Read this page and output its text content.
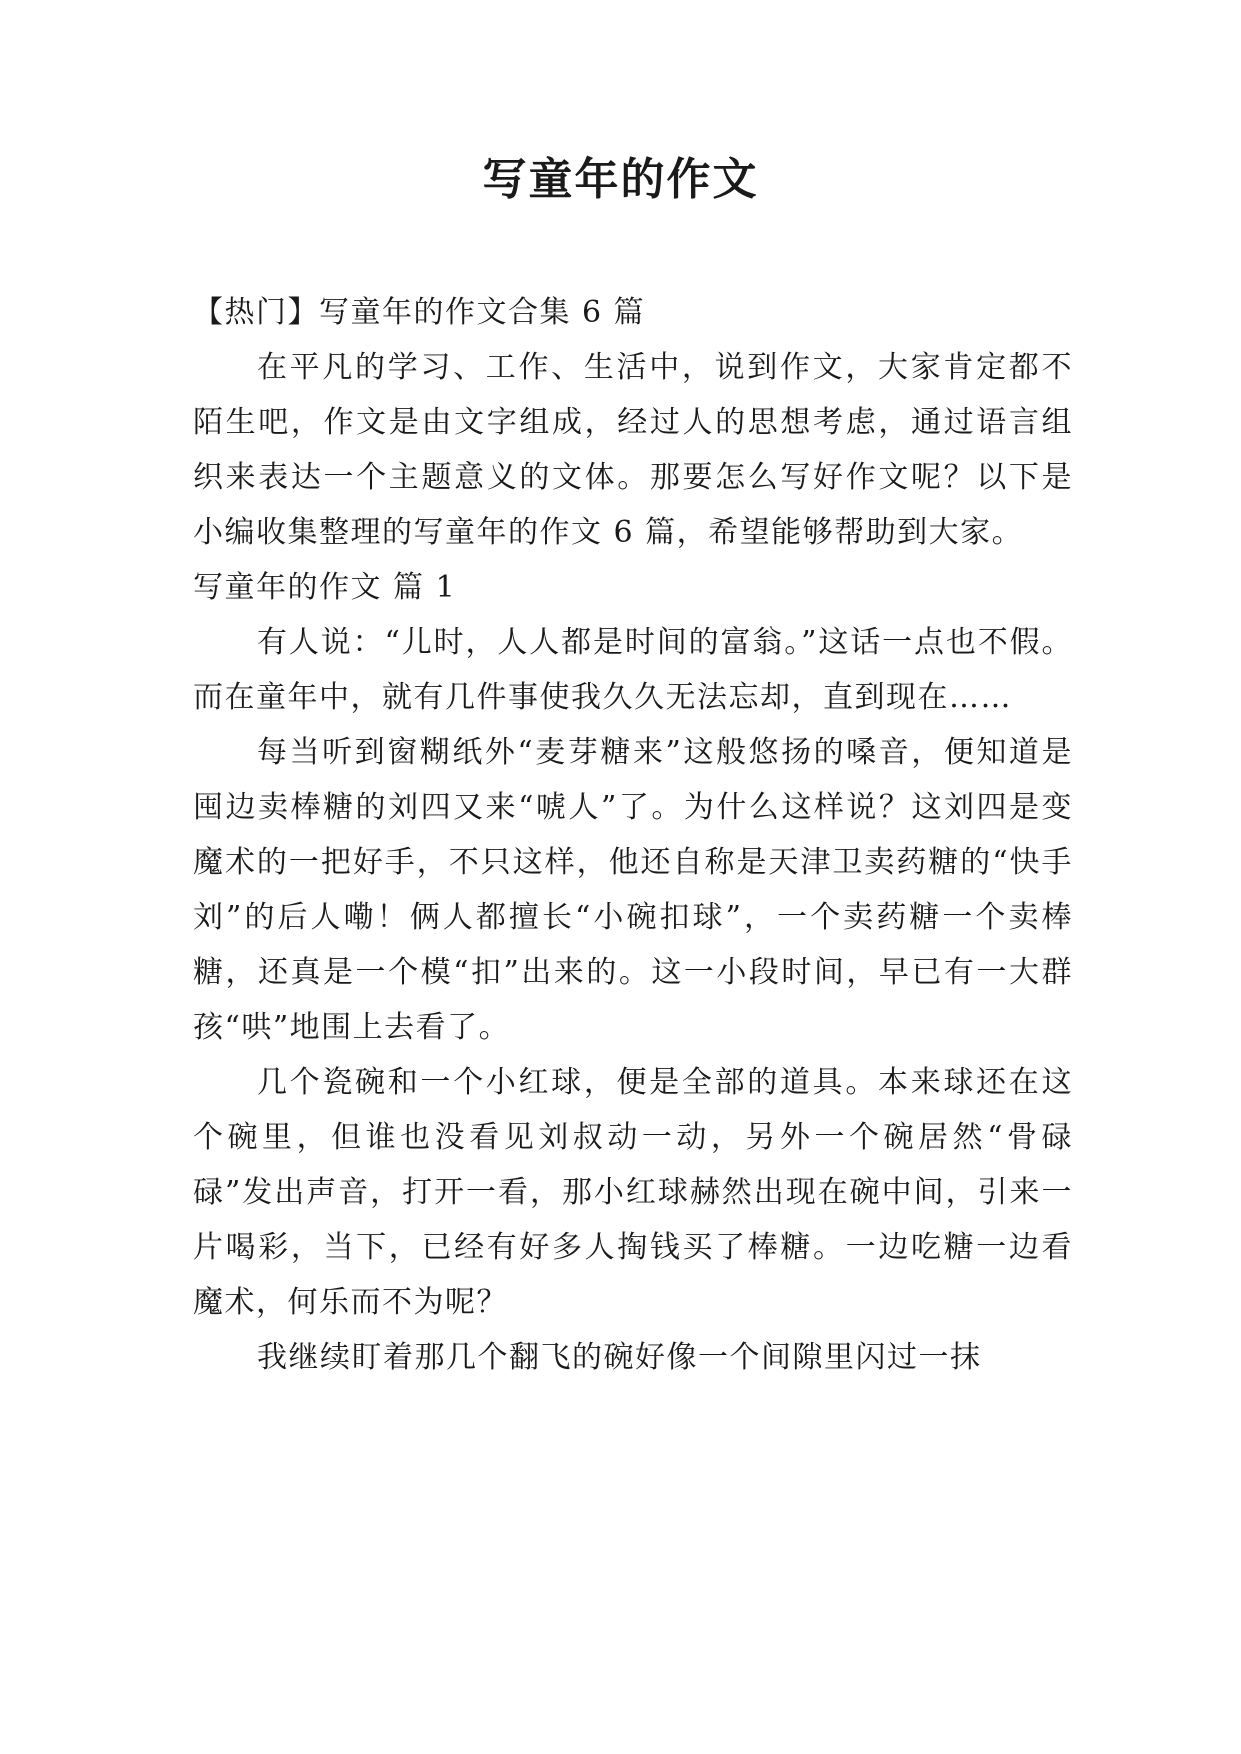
写童年的作文

【热门】写童年的作文合集 6 篇

在平凡的学习、工作、生活中，说到作文，大家肯定都不陌生吧，作文是由文字组成，经过人的思想考虑，通过语言组织来表达一个主题意义的文体。那要怎么写好作文呢？以下是小编收集整理的写童年的作文 6 篇，希望能够帮助到大家。

写童年的作文 篇 1

有人说：“儿时，人人都是时间的富翁。”这话一点也不假。而在童年中，就有几件事使我久久无法忘却，直到现在……

每当听到窗糊纸外“麦芽糖来”这般悠扬的嗓音，便知道是囤边卖棒糖的刘四又来“唬人”了。为什么这样说？这刘四是变魔术的一把好手，不只这样，他还自称是天津卫卖药糖的“快手刘”的后人嘞！俩人都擅长“小碗扣球”，一个卖药糖一个卖棒糖，还真是一个模“扣”出来的。这一小段时间，早已有一大群孩“哄”地围上去看了。

几个瓷碗和一个小红球，便是全部的道具。本来球还在这个碗里，但谁也没看见刘叔动一动，另外一个碗居然“骨碌碌”发出声音，打开一看，那小红球赫然出现在碗中间，引来一片喝彩，当下，已经有好多人掏钱买了棒糖。一边吃糖一边看魔术，何乐而不为呢？

我继续盯着那几个翻飞的碗好像一个间隙里闪过一抹
